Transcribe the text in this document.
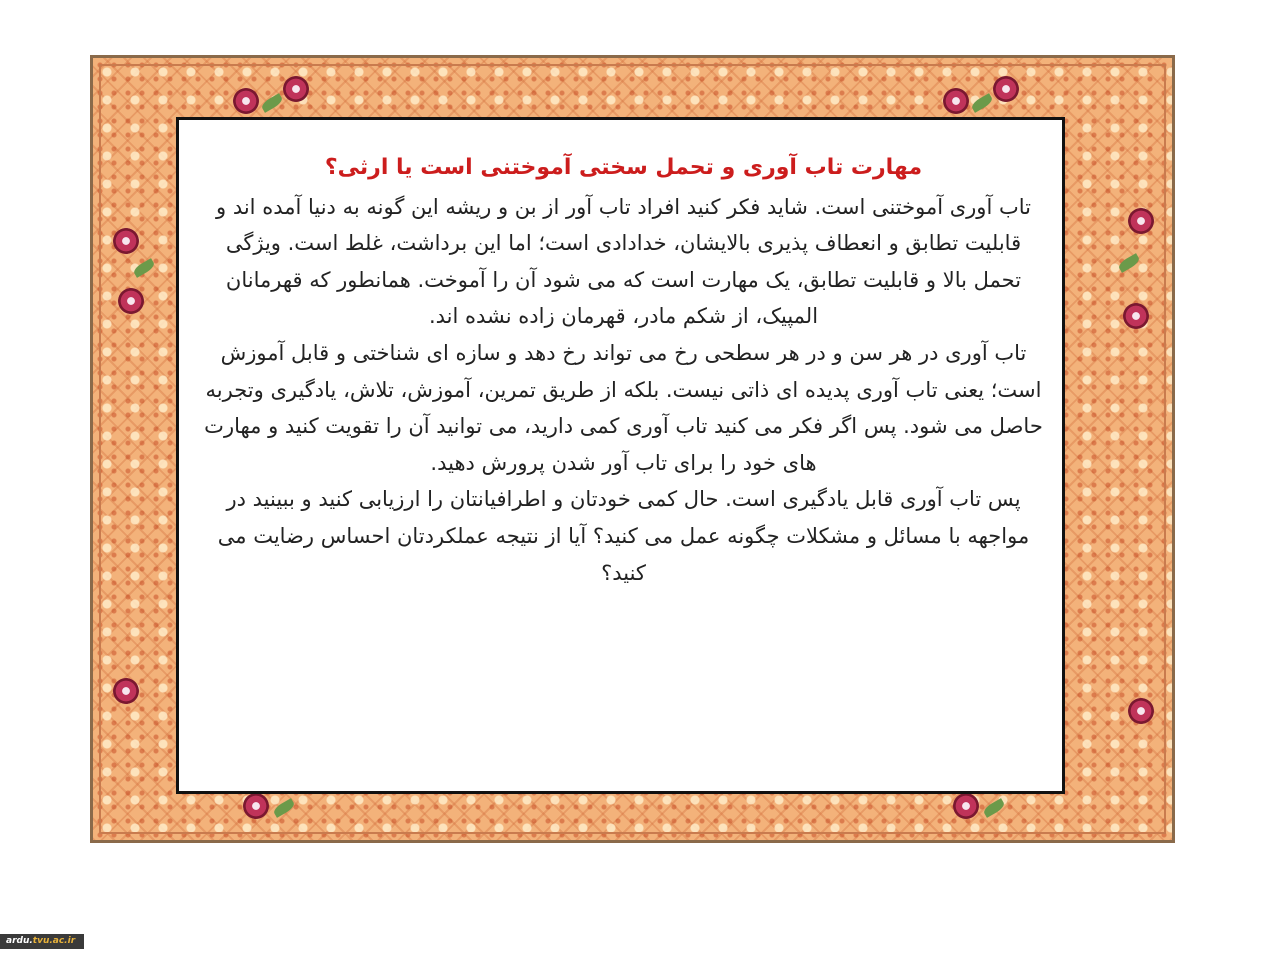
مهارت تاب آوری و تحمل سختی آموختنی است یا ارثی؟
تاب آوری آموختنی است. شاید فکر کنید افراد تاب آور از بن و ریشه این گونه به دنیا آمده اند و قابلیت تطابق و انعطاف پذیری بالایشان، خدادادی است؛ اما این برداشت، غلط است. ویژگی تحمل بالا و قابلیت تطابق، یک مهارت است که می شود آن را آموخت. همانطور که قهرمانان المپیک، از شکم مادر، قهرمان زاده نشده اند.
تاب آوری در هر سن و در هر سطحی رخ می تواند رخ دهد و سازه ای شناختی و قابل آموزش است؛ یعنی تاب آوری پدیده ای ذاتی نیست. بلکه از طریق تمرین، آموزش، تلاش، یادگیری وتجربه حاصل می شود. پس اگر فکر می کنید تاب آوری کمی دارید، می توانید آن را تقویت کنید و مهارت های خود را برای تاب آور شدن پرورش دهید.
پس تاب آوری قابل یادگیری است. حال کمی خودتان و اطرافیانتان را ارزیابی کنید و ببینید در مواجهه با مسائل و مشکلات چگونه عمل می کنید؟ آیا از نتیجه عملکردتان احساس رضایت می کنید؟
ardu.tvu.ac.ir
